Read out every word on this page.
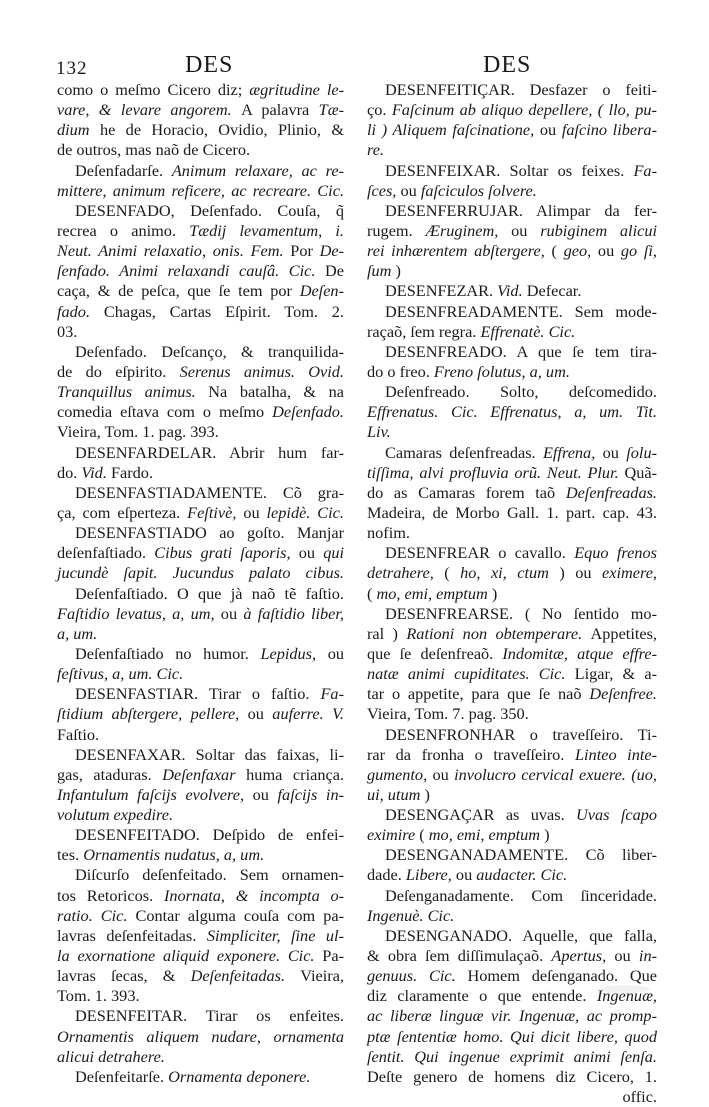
132	DES	DES
como o meſmo Cicero diz; ægritudine le-
vare, & levare angorem. A palavra Tæ-
dium he de Horacio, Ovidio, Plinio, &
de outros, mas naõ de Cicero.
Deſenfadarſe. Animum relaxare, ac re-
mittere, animum reficere, ac recreare. Cic.
DESENFADO, Deſenfado. Couſa, q̃
recrea o animo. Tædij levamentum, i.
Neut. Animi relaxatio, onis. Fem. Por De-
ſenfado. Animi relaxandi cauſâ. Cic. De
caça, & de peſca, que ſe tem por Deſen-
fado. Chagas, Cartas Eſpirit. Tom. 2.
03.
Deſenfado. Deſcanço, & tranquilida-
de do eſpirito. Serenus animus. Ovid.
Tranquillus animus. Na batalha, & na
comedia eſtava com o meſmo Deſenfado.
Vieira, Tom. 1. pag. 393.
DESENFARDELAR. Abrir hum far-
do. Vid. Fardo.
DESENFASTIADAMENTE. Cõ gra-
ça, com eſperteza. Feſtivè, ou lepidè. Cic.
DESENFASTIADO ao goſto. Manjar
deſenfaſtiado. Cibus grati ſaporis, ou qui
jucundè ſapit. Jucundus palato cibus.
Deſenfaſtiado. O que jà naõ tẽ faſtio.
Faſtidio levatus, a, um, ou à faſtidio liber,
a, um.
Deſenfaſtiado no humor. Lepidus, ou
feſtivus, a, um. Cic.
DESENFASTIAR. Tirar o faſtio. Fa-
ſtidium abſtergere, pellere, ou auferre. V.
Faſtio.
DESENFAXAR. Soltar das faixas, li-
gas, ataduras. Deſenfaxar huma criança.
Infantulum faſcijs evolvere, ou faſcijs in-
volutum expedire.
DESENFEITADO. Deſpido de enfei-
tes. Ornamentis nudatus, a, um.
Diſcurſo deſenfeitado. Sem ornamen-
tos Retoricos. Inornata, & incompta o-
ratio. Cic. Contar alguma couſa com pa-
lavras deſenfeitadas. Simpliciter, ſine ul-
la exornatione aliquid exponere. Cic. Pa-
lavras ſecas, & Deſenfeitadas. Vieira,
Tom. 1. 393.
DESENFEITAR. Tirar os enfeites.
Ornamentis aliquem nudare, ornamenta
alicui detrahere.
Deſenfeitarſe. Ornamenta deponere.
DESENFEITIÇAR. Desfazer o feiti-
ço. Faſcinum ab aliquo depellere, ( llo, pu-
li ) Aliquem faſcinatione, ou faſcino libera-
re.
DESENFEIXAR. Soltar os feixes. Fa-
ſces, ou faſciculos ſolvere.
DESENFERRUJAR. Alimpar da fer-
rugem. Æruginem, ou rubiginem alicui
rei inhærentem abſtergere, ( geo, ou go ſi,
ſum )
DESENFEZAR. Vid. Defecar.
DESENFREADAMENTE. Sem mode-
raçaõ, ſem regra. Effrenatè. Cic.
DESENFREADO. A que ſe tem tira-
do o freo. Freno ſolutus, a, um.
Deſenfreado. Solto, deſcomedido.
Effrenatus. Cic. Effrenatus, a, um. Tit.
Liv.
Camaras deſenfreadas. Effrena, ou ſolu-
tiſſima, alvi profluvia orũ. Neut. Plur. Quã-
do as Camaras forem taõ Deſenfreadas.
Madeira, de Morbo Gall. 1. part. cap. 43.
nofim.
DESENFREAR o cavallo. Equo frenos
detrahere, ( ho, xi, ctum ) ou eximere,
( mo, emi, emptum )
DESENFREARSE. ( No ſentido mo-
ral ) Rationi non obtemperare. Appetites,
que ſe deſenfreaõ. Indomitæ, atque effre-
natæ animi cupiditates. Cic. Ligar, & a-
tar o appetite, para que ſe naõ Deſenfree.
Vieira, Tom. 7. pag. 350.
DESENFRONHAR o traveſſeiro. Ti-
rar da fronha o traveſſeiro. Linteo inte-
gumento, ou involucro cervical exuere. (uo,
ui, utum )
DESENGAÇAR as uvas. Uvas ſcapo
eximire ( mo, emi, emptum )
DESENGANADAMENTE. Cõ liber-
dade. Libere, ou audacter. Cic.
Deſenganadamente. Com ſinceridade.
Ingenuè. Cic.
DESENGANADO. Aquelle, que falla,
& obra ſem diſſimulaçaõ. Apertus, ou in-
genuus. Cic. Homem deſenganado. Que
diz claramente o que entende. Ingenuæ,
ac liberæ linguæ vir. Ingenuæ, ac promp-
ptæ ſententiæ homo. Qui dicit libere, quod
ſentit. Qui ingenue exprimit animi ſenſa.
Deſte genero de homens diz Cicero, 1.
offic.
